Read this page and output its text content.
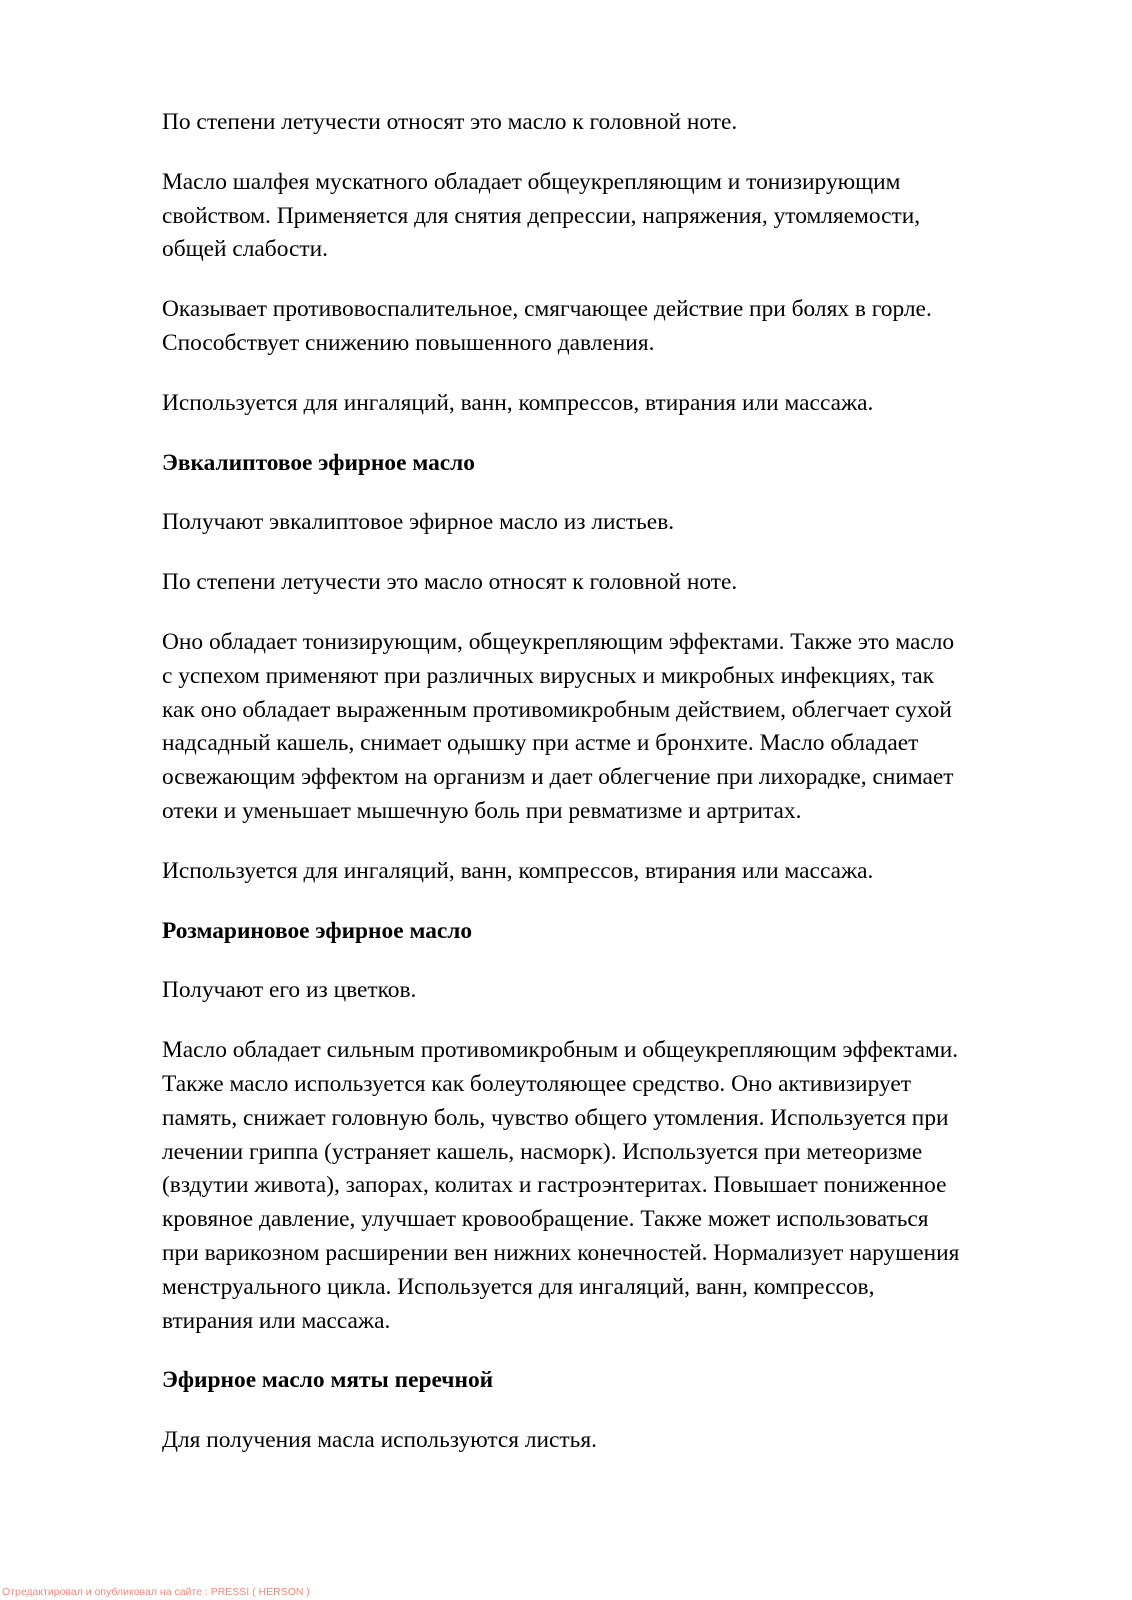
По степени летучести относят это масло к головной ноте.

Масло шалфея мускатного обладает общеукрепляющим и тонизирующим
свойством. Применяется для снятия депрессии, напряжения, утомляемости,
общей слабости.

Оказывает противовоспалительное, смягчающее действие при болях в горле.
Способствует снижению повышенного давления.

Используется для ингаляций, ванн, компрессов, втирания или массажа.

Эвкалиптовое эфирное масло

Получают эвкалиптовое эфирное масло из листьев.

По степени летучести это масло относят к головной ноте.

Оно обладает тонизирующим, общеукрепляющим эффектами. Также это масло
с успехом применяют при различных вирусных и микробных инфекциях, так
как оно обладает выраженным противомикробным действием, облегчает сухой
надсадный кашель, снимает одышку при астме и бронхите. Масло обладает
освежающим эффектом на организм и дает облегчение при лихорадке, снимает
отеки и уменьшает мышечную боль при ревматизме и артритах.

Используется для ингаляций, ванн, компрессов, втирания или массажа.

Розмариновое эфирное масло

Получают его из цветков.

Масло обладает сильным противомикробным и общеукрепляющим эффектами.
Также масло используется как болеутоляющее средство. Оно активизирует
память, снижает головную боль, чувство общего утомления. Используется при
лечении гриппа (устраняет кашель, насморк). Используется при метеоризме
(вздутии живота), запорах, колитах и гастроэнтеритах. Повышает пониженное
кровяное давление, улучшает кровообращение. Также может использоваться
при варикозном расширении вен нижних конечностей. Нормализует нарушения
менструального цикла. Используется для ингаляций, ванн, компрессов,
втирания или массажа.

Эфирное масло мяты перечной

Для получения масла используются листья.

Отредактировал и опубликовал на сайте : PRESSI ( HERSON )
